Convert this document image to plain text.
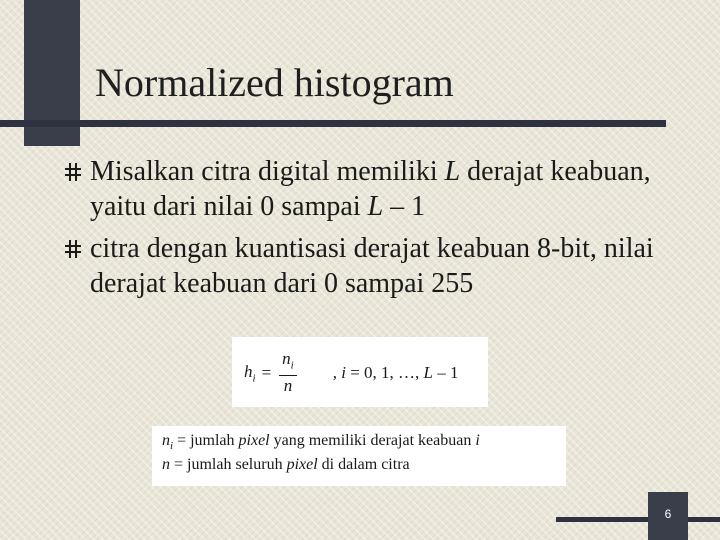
Normalized histogram
Misalkan citra digital memiliki L derajat keabuan, yaitu dari nilai 0 sampai L – 1
citra dengan kuantisasi derajat keabuan 8-bit, nilai derajat keabuan dari 0 sampai 255
$h_i = \frac{n_i}{n}$ , i = 0, 1, …, L – 1
$n_i$ = jumlah pixel yang memiliki derajat keabuan i
n = jumlah seluruh pixel di dalam citra
6
